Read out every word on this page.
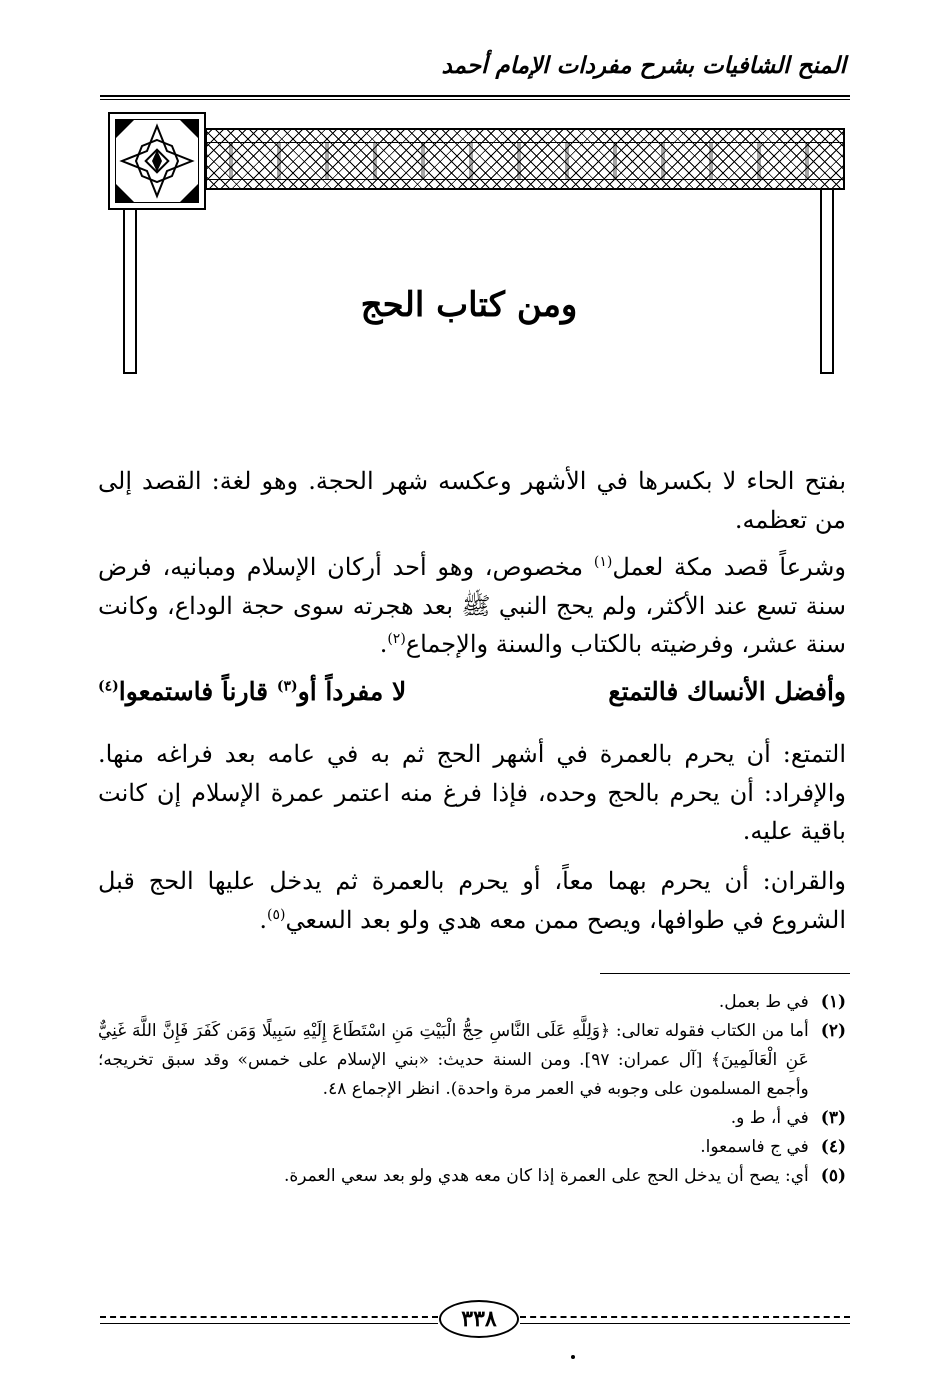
المنح الشافيات بشرح مفردات الإمام أحمد
ومن كتاب الحج
بفتح الحاء لا بكسرها في الأشهر وعكسه شهر الحجة. وهو لغة: القصد إلى من تعظمه.
وشرعاً قصد مكة لعمل$^{(١)}$ مخصوص، وهو أحد أركان الإسلام ومبانيه، فرض سنة تسع عند الأكثر، ولم يحج النبي ﷺ بعد هجرته سوى حجة الوداع، وكانت سنة عشر، وفرضيته بالكتاب والسنة والإجماع$^{(٢)}$.
وأفضل الأنساك فالتمتع
لا مفرداً أو$^{(٣)}$ قارناً فاستمعوا$^{(٤)}$
التمتع: أن يحرم بالعمرة في أشهر الحج ثم به في عامه بعد فراغه منها. والإفراد: أن يحرم بالحج وحده، فإذا فرغ منه اعتمر عمرة الإسلام إن كانت باقية عليه.
والقران: أن يحرم بهما معاً، أو يحرم بالعمرة ثم يدخل عليها الحج قبل الشروع في طوافها، ويصح ممن معه هدي ولو بعد السعي$^{(٥)}$.
(١)
في ط بعمل.
(٢)
أما من الكتاب فقوله تعالى: ﴿وَلِلَّهِ عَلَى النَّاسِ حِجُّ الْبَيْتِ مَنِ اسْتَطَاعَ إِلَيْهِ سَبِيلًا وَمَن كَفَرَ فَإِنَّ اللَّهَ غَنِيٌّ عَنِ الْعَالَمِينَ﴾ [آل عمران: ٩٧]. ومن السنة حديث: «بني الإسلام على خمس» وقد سبق تخريجه؛ وأجمع المسلمون على وجوبه في العمر مرة واحدة). انظر الإجماع ٤٨.
(٣)
في أ، ط و.
(٤)
في ج فاسمعوا.
(٥)
أي: يصح أن يدخل الحج على العمرة إذا كان معه هدي ولو بعد سعي العمرة.
٣٣٨
